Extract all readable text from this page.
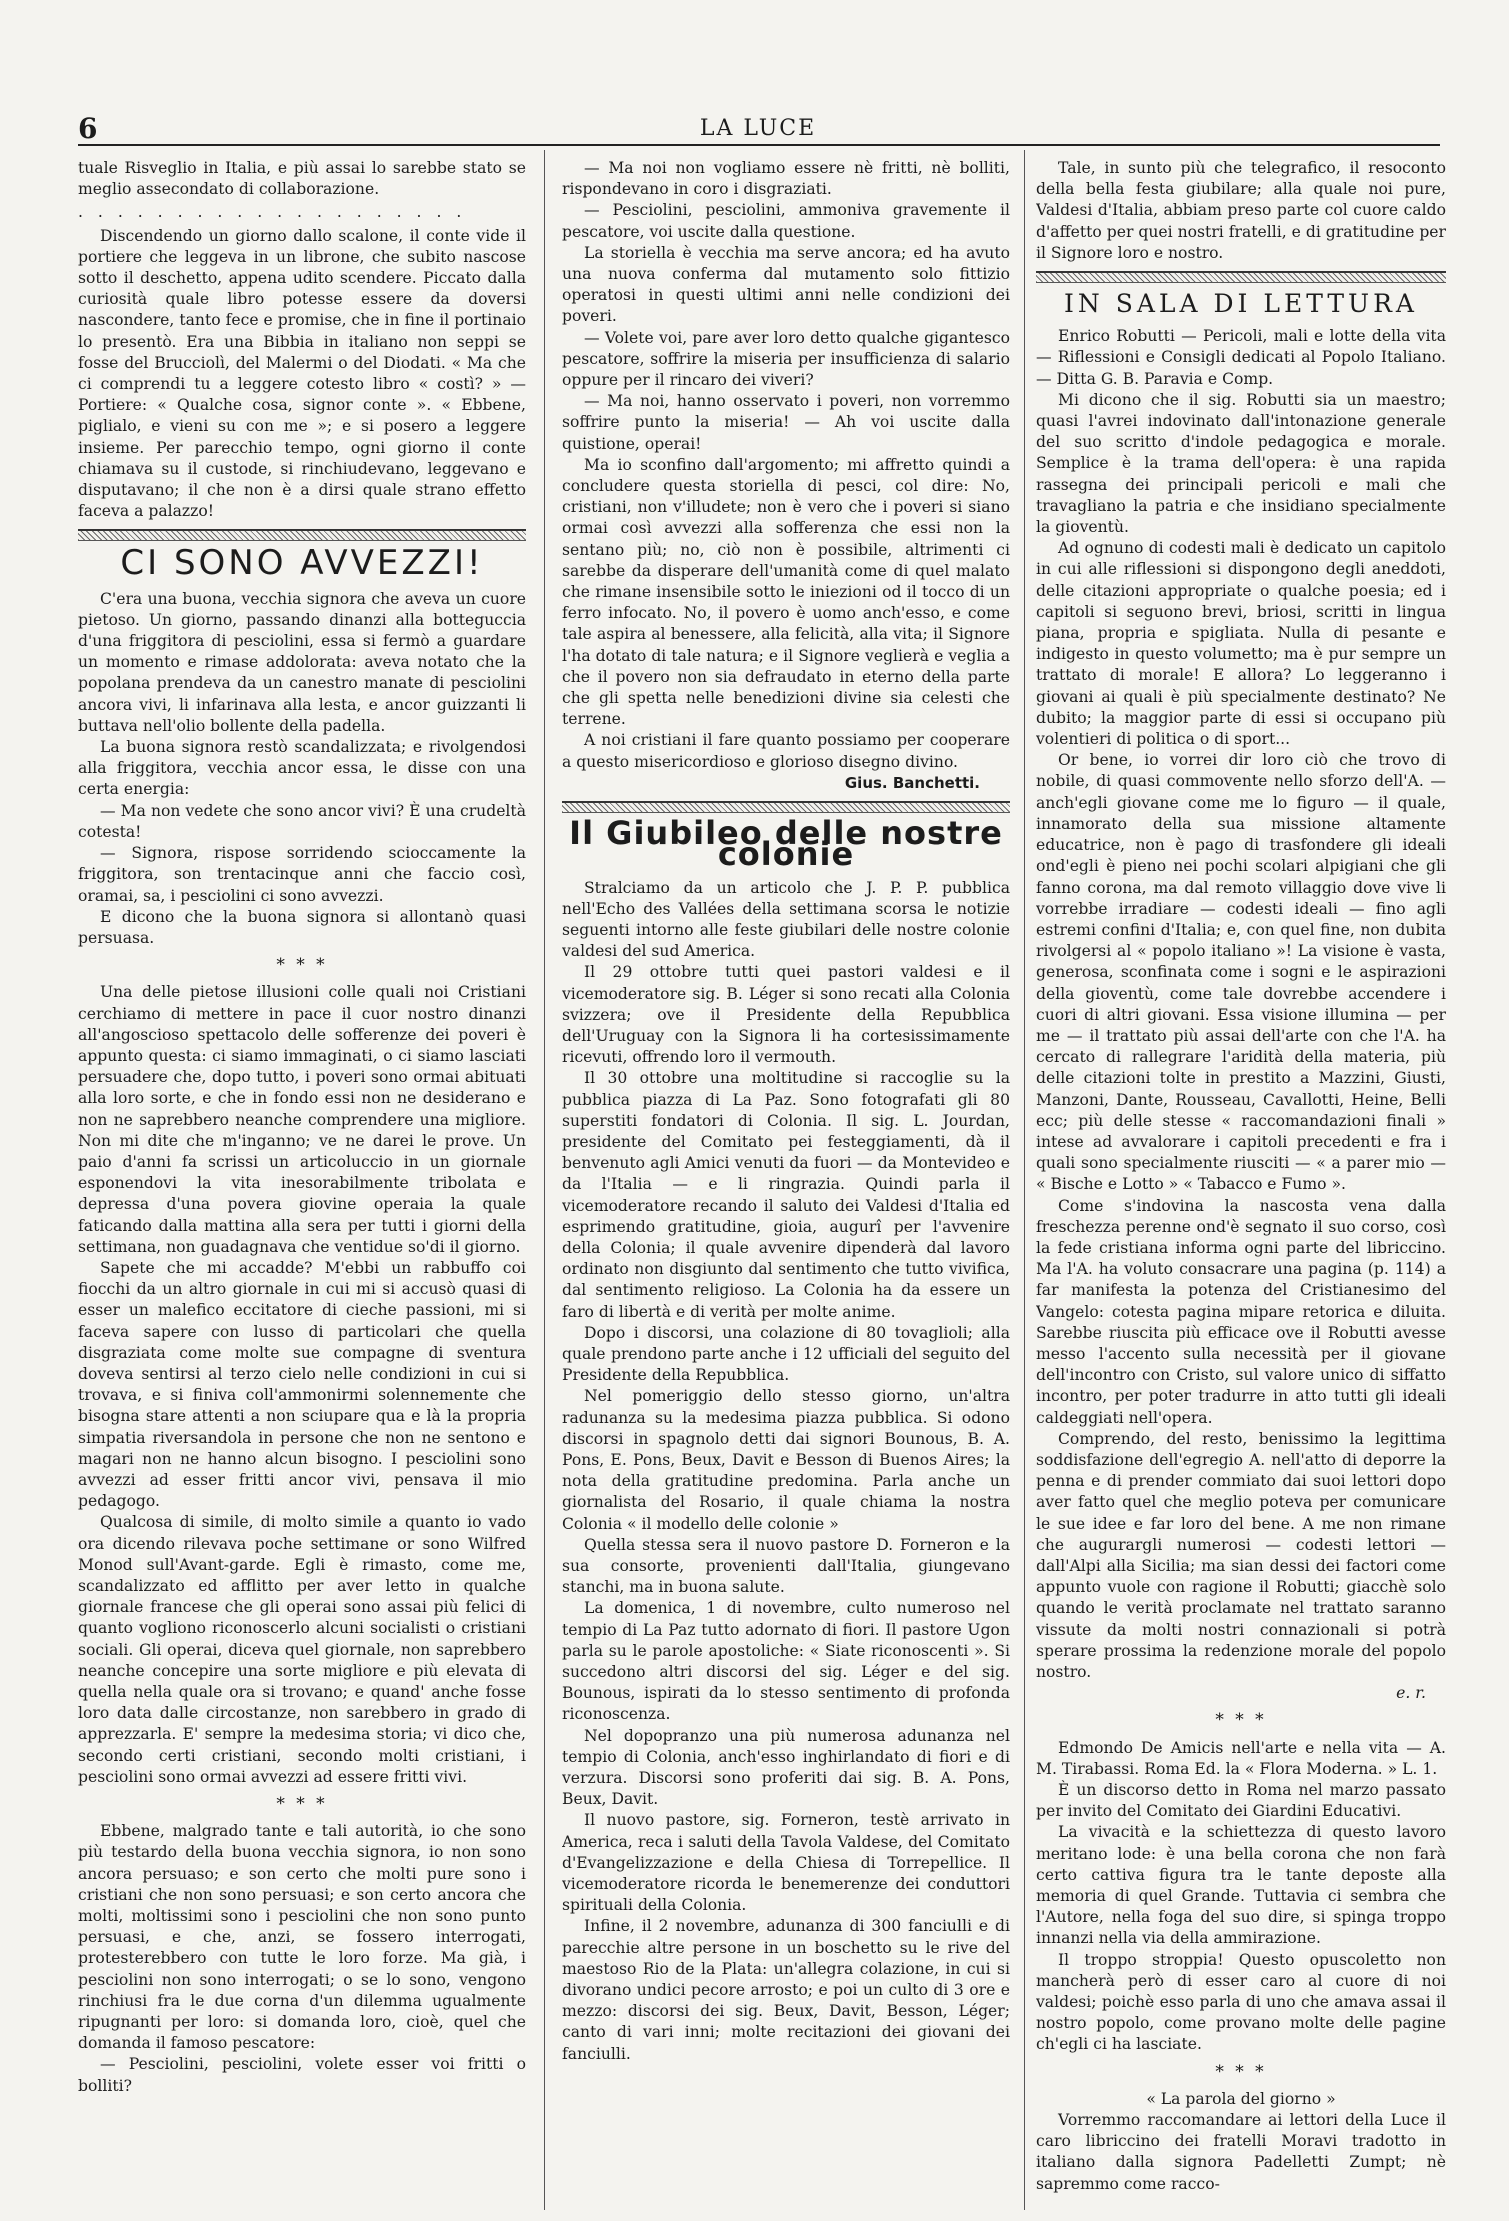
6	LA LUCE

tuale Risveglio in Italia, e più assai lo sarebbe stato se meglio assecondato di collaborazione.

. . . . . . . . . . . . . . . . . . . .

Discendendo un giorno dallo scalone, il conte vide il portiere che leggeva in un librone, che subito nascose sotto il deschetto, appena udito scendere. Piccato dalla curiosità quale libro potesse essere da doversi nascondere, tanto fece e promise, che in fine il portinaio lo presentò. Era una Bibbia in italiano non seppi se fosse del Brucciolì, del Malermi o del Diodati. « Ma che ci comprendi tu a leggere cotesto libro « costì? » — Portiere: « Qualche cosa, signor conte ». « Ebbene, piglialo, e vieni su con me »; e si posero a leggere insieme. Per parecchio tempo, ogni giorno il conte chiamava su il custode, si rinchiudevano, leggevano e disputavano; il che non è a dirsi quale strano effetto faceva a palazzo!

CI SONO AVVEZZI!

C'era una buona, vecchia signora che aveva un cuore pietoso. Un giorno, passando dinanzi alla botteguccia d'una friggitora di pesciolini, essa si fermò a guardare un momento e rimase addolorata: aveva notato che la popolana prendeva da un canestro manate di pesciolini ancora vivi, li infarinava alla lesta, e ancor guizzanti li buttava nell'olio bollente della padella.

La buona signora restò scandalizzata; e rivolgendosi alla friggitora, vecchia ancor essa, le disse con una certa energia:

— Ma non vedete che sono ancor vivi? È una crudeltà cotesta!

— Signora, rispose sorridendo scioccamente la friggitora, son trentacinque anni che faccio così, oramai, sa, i pesciolini ci sono avvezzi.

E dicono che la buona signora si allontanò quasi persuasa.

* * *

Una delle pietose illusioni colle quali noi Cristiani cerchiamo di mettere in pace il cuor nostro dinanzi all'angoscioso spettacolo delle sofferenze dei poveri è appunto questa: ci siamo immaginati, o ci siamo lasciati persuadere che, dopo tutto, i poveri sono ormai abituati alla loro sorte, e che in fondo essi non ne desiderano e non ne saprebbero neanche comprendere una migliore. Non mi dite che m'inganno; ve ne darei le prove. Un paio d'anni fa scrissi un articoluccio in un giornale esponendovi la vita inesorabilmente tribolata e depressa d'una povera giovine operaia la quale faticando dalla mattina alla sera per tutti i giorni della settimana, non guadagnava che ventidue so'di il giorno.

Sapete che mi accadde? M'ebbi un rabbuffo coi fiocchi da un altro giornale in cui mi si accusò quasi di esser un malefico eccitatore di cieche passioni, mi si faceva sapere con lusso di particolari che quella disgraziata come molte sue compagne di sventura doveva sentirsi al terzo cielo nelle condizioni in cui si trovava, e si finiva coll'ammonirmi solennemente che bisogna stare attenti a non sciupare qua e là la propria simpatia riversandola in persone che non ne sentono e magari non ne hanno alcun bisogno. I pesciolini sono avvezzi ad esser fritti ancor vivi, pensava il mio pedagogo.

Qualcosa di simile, di molto simile a quanto io vado ora dicendo rilevava poche settimane or sono Wilfred Monod sull'Avant-garde. Egli è rimasto, come me, scandalizzato ed afflitto per aver letto in qualche giornale francese che gli operai sono assai più felici di quanto vogliono riconoscerlo alcuni socialisti o cristiani sociali. Gli operai, diceva quel giornale, non saprebbero neanche concepire una sorte migliore e più elevata di quella nella quale ora si trovano; e quand' anche fosse loro data dalle circostanze, non sarebbero in grado di apprezzarla. E' sempre la medesima storia; vi dico che, secondo certi cristiani, secondo molti cristiani, i pesciolini sono ormai avvezzi ad essere fritti vivi.

* * *

Ebbene, malgrado tante e tali autorità, io che sono più testardo della buona vecchia signora, io non sono ancora persuaso; e son certo che molti pure sono i cristiani che non sono persuasi; e son certo ancora che molti, moltissimi sono i pesciolini che non sono punto persuasi, e che, anzi, se fossero interrogati, protesterebbero con tutte le loro forze. Ma già, i pesciolini non sono interrogati; o se lo sono, vengono rinchiusi fra le due corna d'un dilemma ugualmente ripugnanti per loro: si domanda loro, cioè, quel che domanda il famoso pescatore:

— Pesciolini, pesciolini, volete esser voi fritti o bolliti?

— Ma noi non vogliamo essere nè fritti, nè bolliti, rispondevano in coro i disgraziati.

— Pesciolini, pesciolini, ammoniva gravemente il pescatore, voi uscite dalla questione.

La storiella è vecchia ma serve ancora; ed ha avuto una nuova conferma dal mutamento solo fittizio operatosi in questi ultimi anni nelle condizioni dei poveri.

— Volete voi, pare aver loro detto qualche gigantesco pescatore, soffrire la miseria per insufficienza di salario oppure per il rincaro dei viveri?

— Ma noi, hanno osservato i poveri, non vorremmo soffrire punto la miseria! — Ah voi uscite dalla quistione, operai!

Ma io sconfino dall'argomento; mi affretto quindi a concludere questa storiella di pesci, col dire: No, cristiani, non v'illudete; non è vero che i poveri si siano ormai così avvezzi alla sofferenza che essi non la sentano più; no, ciò non è possibile, altrimenti ci sarebbe da disperare dell'umanità come di quel malato che rimane insensibile sotto le iniezioni od il tocco di un ferro infocato. No, il povero è uomo anch'esso, e come tale aspira al benessere, alla felicità, alla vita; il Signore l'ha dotato di tale natura; e il Signore veglierà e veglia a che il povero non sia defraudato in eterno della parte che gli spetta nelle benedizioni divine sia celesti che terrene.

A noi cristiani il fare quanto possiamo per cooperare a questo misericordioso e glorioso disegno divino.

Gius. Banchetti.
Il Giubileo delle nostre colonie

Stralciamo da un articolo che J. P. P. pubblica nell'Echo des Vallées della settimana scorsa le notizie seguenti intorno alle feste giubilari delle nostre colonie valdesi del sud America.

Il 29 ottobre tutti quei pastori valdesi e il vicemoderatore sig. B. Léger si sono recati alla Colonia svizzera; ove il Presidente della Repubblica dell'Uruguay con la Signora li ha cortesissimamente ricevuti, offrendo loro il vermouth.

Il 30 ottobre una moltitudine si raccoglie su la pubblica piazza di La Paz. Sono fotografati gli 80 superstiti fondatori di Colonia. Il sig. L. Jourdan, presidente del Comitato pei festeggiamenti, dà il benvenuto agli Amici venuti da fuori — da Montevideo e da l'Italia — e li ringrazia. Quindi parla il vicemoderatore recando il saluto dei Valdesi d'Italia ed esprimendo gratitudine, gioia, augurî per l'avvenire della Colonia; il quale avvenire dipenderà dal lavoro ordinato non disgiunto dal sentimento che tutto vivifica, dal sentimento religioso. La Colonia ha da essere un faro di libertà e di verità per molte anime.

Dopo i discorsi, una colazione di 80 tovaglioli; alla quale prendono parte anche i 12 ufficiali del seguito del Presidente della Repubblica.

Nel pomeriggio dello stesso giorno, un'altra radunanza su la medesima piazza pubblica. Si odono discorsi in spagnolo detti dai signori Bounous, B. A. Pons, E. Pons, Beux, Davit e Besson di Buenos Aires; la nota della gratitudine predomina. Parla anche un giornalista del Rosario, il quale chiama la nostra Colonia « il modello delle colonie »

Quella stessa sera il nuovo pastore D. Forneron e la sua consorte, provenienti dall'Italia, giungevano stanchi, ma in buona salute.

La domenica, 1 di novembre, culto numeroso nel tempio di La Paz tutto adornato di fiori. Il pastore Ugon parla su le parole apostoliche: « Siate riconoscenti ». Si succedono altri discorsi del sig. Léger e del sig. Bounous, ispirati da lo stesso sentimento di profonda riconoscenza.

Nel dopopranzo una più numerosa adunanza nel tempio di Colonia, anch'esso inghirlandato di fiori e di verzura. Discorsi sono proferiti dai sig. B. A. Pons, Beux, Davit.

Il nuovo pastore, sig. Forneron, testè arrivato in America, reca i saluti della Tavola Valdese, del Comitato d'Evangelizzazione e della Chiesa di Torrepellice. Il vicemoderatore ricorda le benemerenze dei conduttori spirituali della Colonia.

Infine, il 2 novembre, adunanza di 300 fanciulli e di parecchie altre persone in un boschetto su le rive del maestoso Rio de la Plata: un'allegra colazione, in cui si divorano undici pecore arrosto; e poi un culto di 3 ore e mezzo: discorsi dei sig. Beux, Davit, Besson, Léger; canto di vari inni; molte recitazioni dei giovani dei fanciulli.

Tale, in sunto più che telegrafico, il resoconto della bella festa giubilare; alla quale noi pure, Valdesi d'Italia, abbiam preso parte col cuore caldo d'affetto per quei nostri fratelli, e di gratitudine per il Signore loro e nostro.

IN SALA DI LETTURA

Enrico Robutti — Pericoli, mali e lotte della vita — Riflessioni e Consigli dedicati al Popolo Italiano. — Ditta G. B. Paravia e Comp.

Mi dicono che il sig. Robutti sia un maestro; quasi l'avrei indovinato dall'intonazione generale del suo scritto d'indole pedagogica e morale. Semplice è la trama dell'opera: è una rapida rassegna dei principali pericoli e mali che travagliano la patria e che insidiano specialmente la gioventù.

Ad ognuno di codesti mali è dedicato un capitolo in cui alle riflessioni si dispongono degli aneddoti, delle citazioni appropriate o qualche poesia; ed i capitoli si seguono brevi, briosi, scritti in lingua piana, propria e spigliata. Nulla di pesante e indigesto in questo volumetto; ma è pur sempre un trattato di morale! E allora? Lo leggeranno i giovani ai quali è più specialmente destinato? Ne dubito; la maggior parte di essi si occupano più volentieri di politica o di sport...

Or bene, io vorrei dir loro ciò che trovo di nobile, di quasi commovente nello sforzo dell'A. — anch'egli giovane come me lo figuro — il quale, innamorato della sua missione altamente educatrice, non è pago di trasfondere gli ideali ond'egli è pieno nei pochi scolari alpigiani che gli fanno corona, ma dal remoto villaggio dove vive li vorrebbe irradiare — codesti ideali — fino agli estremi confini d'Italia; e, con quel fine, non dubita rivolgersi al « popolo italiano »! La visione è vasta, generosa, sconfinata come i sogni e le aspirazioni della gioventù, come tale dovrebbe accendere i cuori di altri giovani. Essa visione illumina — per me — il trattato più assai dell'arte con che l'A. ha cercato di rallegrare l'aridità della materia, più delle citazioni tolte in prestito a Mazzini, Giusti, Manzoni, Dante, Rousseau, Cavallotti, Heine, Belli ecc; più delle stesse « raccomandazioni finali » intese ad avvalorare i capitoli precedenti e fra i quali sono specialmente riusciti — « a parer mio — « Bische e Lotto » « Tabacco e Fumo ».

Come s'indovina la nascosta vena dalla freschezza perenne ond'è segnato il suo corso, così la fede cristiana informa ogni parte del libriccino. Ma l'A. ha voluto consacrare una pagina (p. 114) a far manifesta la potenza del Cristianesimo del Vangelo: cotesta pagina mipare retorica e diluita. Sarebbe riuscita più efficace ove il Robutti avesse messo l'accento sulla necessità per il giovane dell'incontro con Cristo, sul valore unico di siffatto incontro, per poter tradurre in atto tutti gli ideali caldeggiati nell'opera.

Comprendo, del resto, benissimo la legittima soddisfazione dell'egregio A. nell'atto di deporre la penna e di prender commiato dai suoi lettori dopo aver fatto quel che meglio poteva per comunicare le sue idee e far loro del bene. A me non rimane che augurargli numerosi — codesti lettori — dall'Alpi alla Sicilia; ma sian dessi dei factori come appunto vuole con ragione il Robutti; giacchè solo quando le verità proclamate nel trattato saranno vissute da molti nostri connazionali si potrà sperare prossima la redenzione morale del popolo nostro.

e. r.
* * *

Edmondo De Amicis nell'arte e nella vita — A. M. Tirabassi. Roma Ed. la « Flora Moderna. » L. 1.

È un discorso detto in Roma nel marzo passato per invito del Comitato dei Giardini Educativi.

La vivacità e la schiettezza di questo lavoro meritano lode: è una bella corona che non farà certo cattiva figura tra le tante deposte alla memoria di quel Grande. Tuttavia ci sembra che l'Autore, nella foga del suo dire, si spinga troppo innanzi nella via della ammirazione.

Il troppo stroppia! Questo opuscoletto non mancherà però di esser caro al cuore di noi valdesi; poichè esso parla di uno che amava assai il nostro popolo, come provano molte delle pagine ch'egli ci ha lasciate.

* * *

« La parola del giorno »

Vorremmo raccomandare ai lettori della Luce il caro libriccino dei fratelli Moravi tradotto in italiano dalla signora Padelletti Zumpt; nè sapremmo come racco-
